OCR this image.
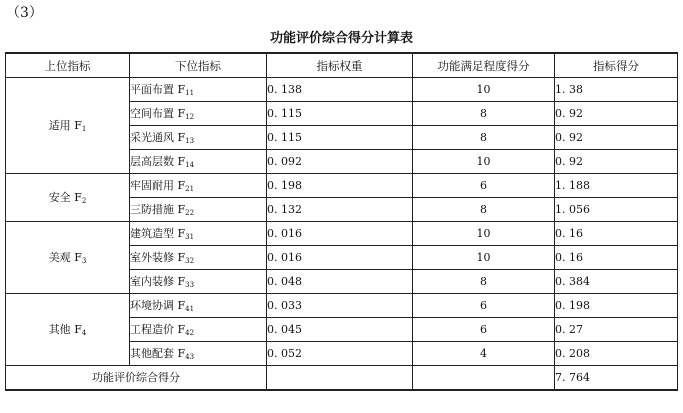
（3）
功能评价综合得分计算表
上位指标	下位指标	指标权重	功能满足程度得分	指标得分
适用 $F_1$	平面布置 $F_{11}$	0. 138	10	1. 38
	空间布置 $F_{12}$	0. 115	8	0. 92
	采光通风 $F_{13}$	0. 115	8	0. 92
	层高层数 $F_{14}$	0. 092	10	0. 92
安全 $F_2$	牢固耐用 $F_{21}$	0. 198	6	1. 188
	三防措施 $F_{22}$	0. 132	8	1. 056
美观 $F_3$	建筑造型 $F_{31}$	0. 016	10	0. 16
	室外装修 $F_{32}$	0. 016	10	0. 16
	室内装修 $F_{33}$	0. 048	8	0. 384
其他 $F_4$	环境协调 $F_{41}$	0. 033	6	0. 198
	工程造价 $F_{42}$	0. 045	6	0. 27
	其他配套 $F_{43}$	0. 052	4	0. 208
功能评价综合得分				7. 764
